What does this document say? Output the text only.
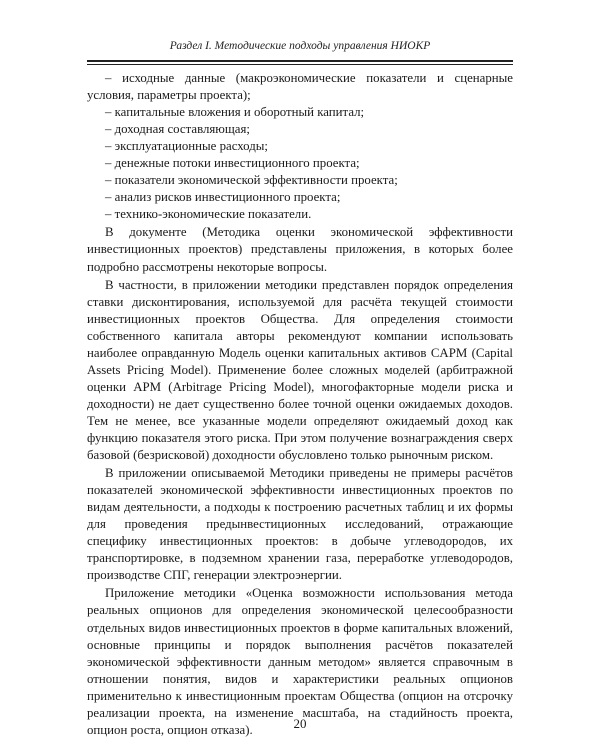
Раздел I. Методические подходы управления НИОКР
– исходные данные (макроэкономические показатели и сценарные условия, параметры проекта);
– капитальные вложения и оборотный капитал;
– доходная составляющая;
– эксплуатационные расходы;
– денежные потоки инвестиционного проекта;
– показатели экономической эффективности проекта;
– анализ рисков инвестиционного проекта;
– технико-экономические показатели.

В документе (Методика оценки экономической эффективности инвестиционных проектов) представлены приложения, в которых более подробно рассмотрены некоторые вопросы.

В частности, в приложении методики представлен порядок определения ставки дисконтирования, используемой для расчёта текущей стоимости инвестиционных проектов Общества. Для определения стоимости собственного капитала авторы рекомендуют компании использовать наиболее оправданную Модель оценки капитальных активов CAPM (Capital Assets Pricing Model). Применение более сложных моделей (арбитражной оценки APM (Arbitrage Pricing Model), многофакторные модели риска и доходности) не дает существенно более точной оценки ожидаемых доходов. Тем не менее, все указанные модели определяют ожидаемый доход как функцию показателя этого риска. При этом получение вознаграждения сверх базовой (безрисковой) доходности обусловлено только рыночным риском.

В приложении описываемой Методики приведены не примеры расчётов показателей экономической эффективности инвестиционных проектов по видам деятельности, а подходы к построению расчетных таблиц и их формы для проведения предынвестиционных исследований, отражающие специфику инвестиционных проектов: в добыче углеводородов, их транспортировке, в подземном хранении газа, переработке углеводородов, производстве СПГ, генерации электроэнергии.

Приложение методики «Оценка возможности использования метода реальных опционов для определения экономической целесообразности отдельных видов инвестиционных проектов в форме капитальных вложений, основные принципы и порядок выполнения расчётов показателей экономической эффективности данным методом» является справочным в отношении понятия, видов и характеристики реальных опционов применительно к инвестиционным проектам Общества (опцион на отсрочку реализации проекта, на изменение масштаба, на стадийность проекта, опцион роста, опцион отказа).	20
